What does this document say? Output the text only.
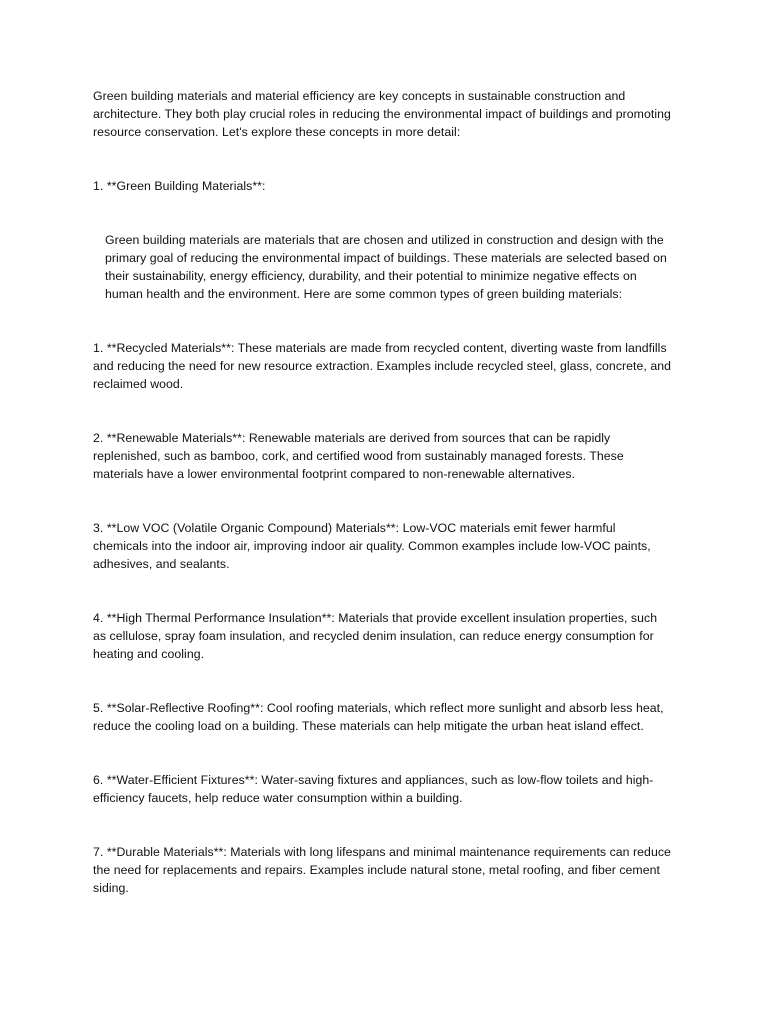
Green building materials and material efficiency are key concepts in sustainable construction and architecture. They both play crucial roles in reducing the environmental impact of buildings and promoting resource conservation. Let's explore these concepts in more detail:

1. **Green Building Materials**:

Green building materials are materials that are chosen and utilized in construction and design with the primary goal of reducing the environmental impact of buildings. These materials are selected based on their sustainability, energy efficiency, durability, and their potential to minimize negative effects on human health and the environment. Here are some common types of green building materials:

1. **Recycled Materials**: These materials are made from recycled content, diverting waste from landfills and reducing the need for new resource extraction. Examples include recycled steel, glass, concrete, and reclaimed wood.

2. **Renewable Materials**: Renewable materials are derived from sources that can be rapidly replenished, such as bamboo, cork, and certified wood from sustainably managed forests. These materials have a lower environmental footprint compared to non-renewable alternatives.

3. **Low VOC (Volatile Organic Compound) Materials**: Low-VOC materials emit fewer harmful chemicals into the indoor air, improving indoor air quality. Common examples include low-VOC paints, adhesives, and sealants.

4. **High Thermal Performance Insulation**: Materials that provide excellent insulation properties, such as cellulose, spray foam insulation, and recycled denim insulation, can reduce energy consumption for heating and cooling.

5. **Solar-Reflective Roofing**: Cool roofing materials, which reflect more sunlight and absorb less heat, reduce the cooling load on a building. These materials can help mitigate the urban heat island effect.

6. **Water-Efficient Fixtures**: Water-saving fixtures and appliances, such as low-flow toilets and high-efficiency faucets, help reduce water consumption within a building.

7. **Durable Materials**: Materials with long lifespans and minimal maintenance requirements can reduce the need for replacements and repairs. Examples include natural stone, metal roofing, and fiber cement siding.
